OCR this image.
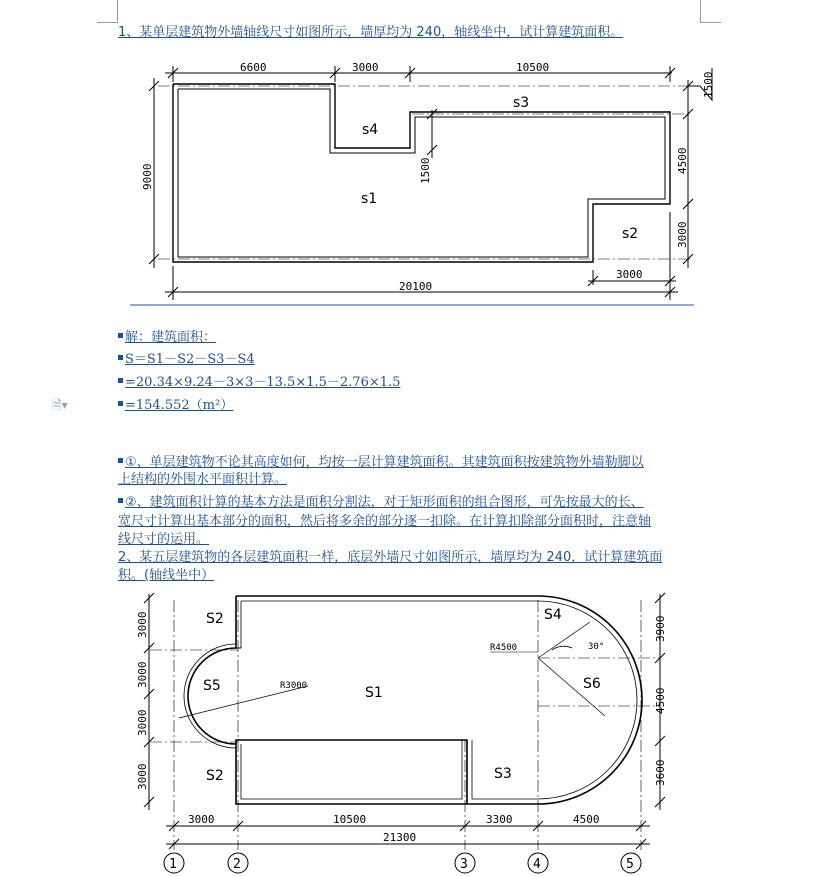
1、某单层建筑物外墙轴线尺寸如图所示，墙厚均为 240，轴线坐中，试计算建筑面积。
6600	3000	10500
3000
20100
1500
9000	1500	4500
3000
s1
s2
s3
s4
解：建筑面积：
S＝S1－S2－S3－S4
=20.34×9.24－3×3－13.5×1.5－2.76×1.5
=154.552（m²）
🗎▾
①、单层建筑物不论其高度如何，均按一层计算建筑面积。其建筑面积按建筑物外墙勒脚以
上结构的外围水平面积计算。
②、建筑面积计算的基本方法是面积分割法，对于矩形面积的组合图形，可先按最大的长、
宽尺寸计算出基本部分的面积，然后将多余的部分逐一扣除。在计算扣除部分面积时，注意轴
线尺寸的运用。
2、某五层建筑物的各层建筑面积一样，底层外墙尺寸如图所示，墙厚均为 240，试计算建筑面
积。(轴线坐中）
3000
3000
3000
3000
3900
4500
3600
3000	10500	3300	4500
21300
R3000
R4500	30°
1	2	3	4	5
S1
S2
S2	S3
S4
S5	S6
